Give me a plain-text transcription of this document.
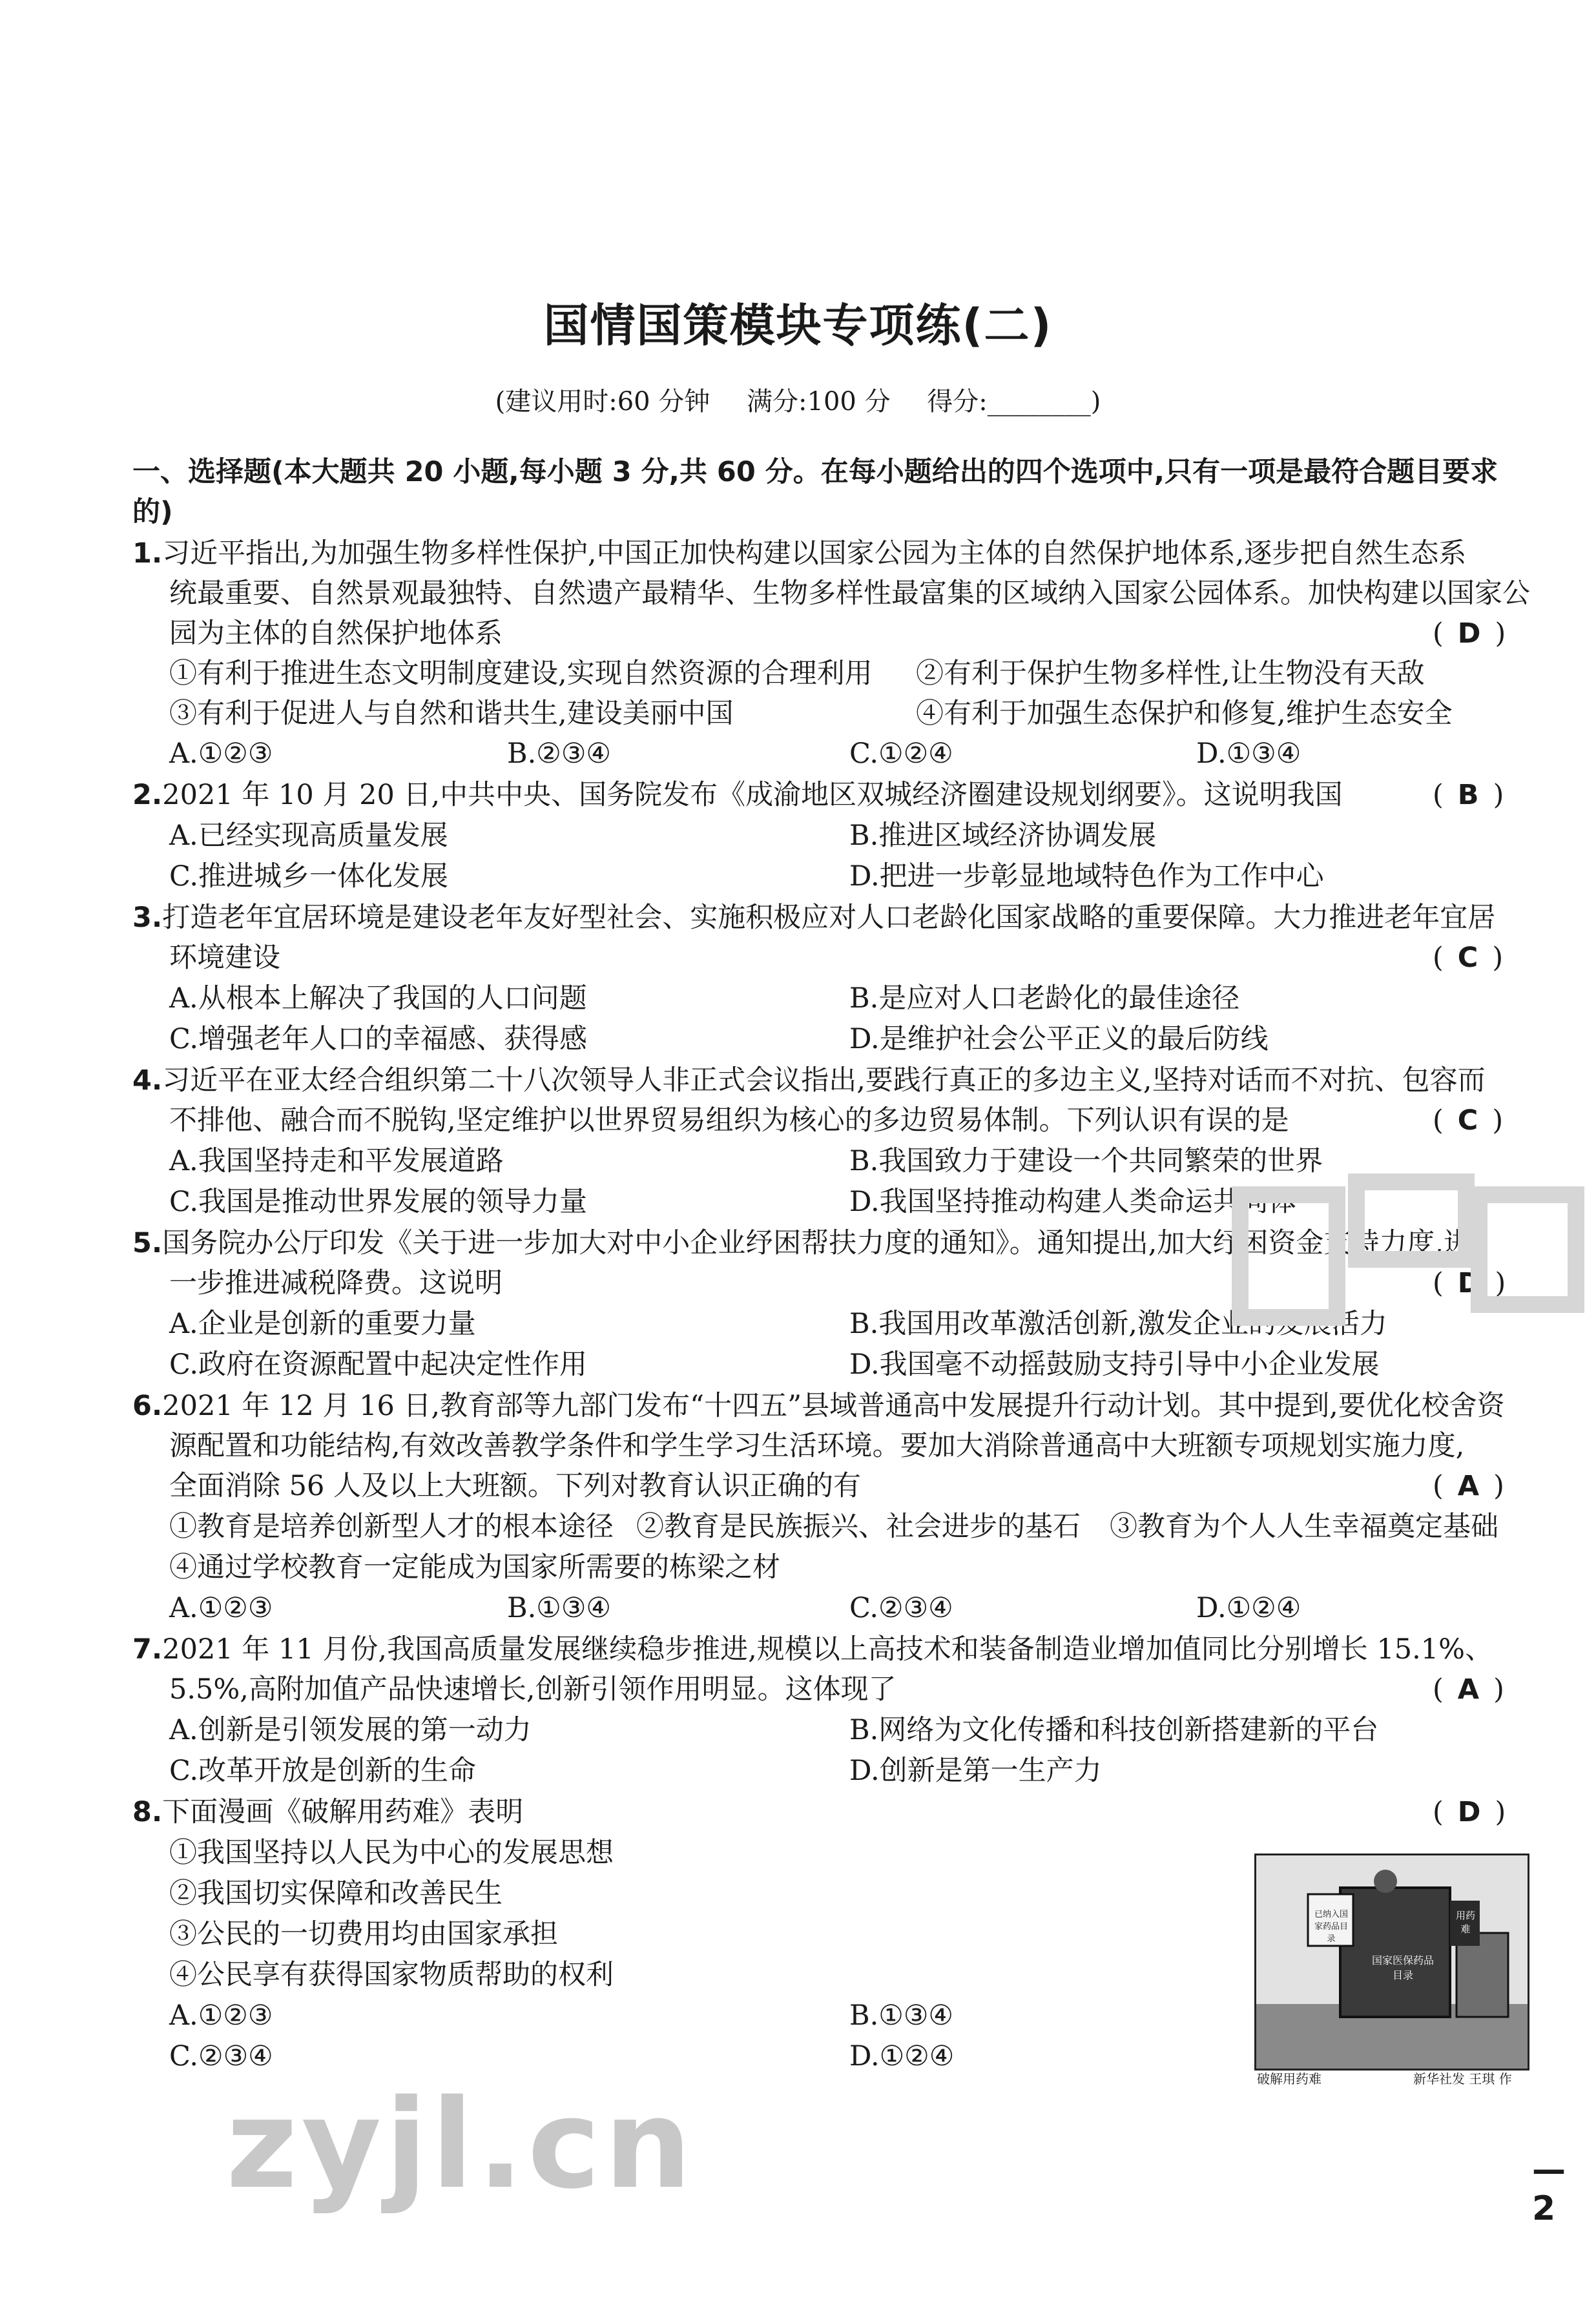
国情国策模块专项练(二)
(建议用时:60 分钟 满分:100 分 得分:________)
一、选择题(本大题共 20 小题,每小题 3 分,共 60 分。在每小题给出的四个选项中,只有一项是最符合题目要求的)
1.习近平指出,为加强生物多样性保护,中国正加快构建以国家公园为主体的自然保护地体系,逐步把自然生态系
统最重要、自然景观最独特、自然遗产最精华、生物多样性最富集的区域纳入国家公园体系。加快构建以国家公
园为主体的自然保护地体系	( D )
①有利于推进生态文明制度建设,实现自然资源的合理利用 ②有利于保护生物多样性,让生物没有天敌
③有利于促进人与自然和谐共生,建设美丽中国	④有利于加强生态保护和修复,维护生态安全
A.①②③	B.②③④	C.①②④	D.①③④
2.2021 年 10 月 20 日,中共中央、国务院发布《成渝地区双城经济圈建设规划纲要》。这说明我国	( B )
A.已经实现高质量发展	B.推进区域经济协调发展
C.推进城乡一体化发展	D.把进一步彰显地域特色作为工作中心
3.打造老年宜居环境是建设老年友好型社会、实施积极应对人口老龄化国家战略的重要保障。大力推进老年宜居
环境建设	( C )
A.从根本上解决了我国的人口问题	B.是应对人口老龄化的最佳途径
C.增强老年人口的幸福感、获得感	D.是维护社会公平正义的最后防线
4.习近平在亚太经合组织第二十八次领导人非正式会议指出,要践行真正的多边主义,坚持对话而不对抗、包容而
不排他、融合而不脱钩,坚定维护以世界贸易组织为核心的多边贸易体制。下列认识有误的是	( C )
A.我国坚持走和平发展道路	B.我国致力于建设一个共同繁荣的世界
C.我国是推动世界发展的领导力量	D.我国坚持推动构建人类命运共同体
5.国务院办公厅印发《关于进一步加大对中小企业纾困帮扶力度的通知》。通知提出,加大纾困资金支持力度,进
一步推进减税降费。这说明	( D )
A.企业是创新的重要力量	B.我国用改革激活创新,激发企业的发展活力
C.政府在资源配置中起决定性作用	D.我国毫不动摇鼓励支持引导中小企业发展
6.2021 年 12 月 16 日,教育部等九部门发布“十四五”县域普通高中发展提升行动计划。其中提到,要优化校舍资
源配置和功能结构,有效改善教学条件和学生学习生活环境。要加大消除普通高中大班额专项规划实施力度,
全面消除 56 人及以上大班额。下列对教育认识正确的有	( A )
①教育是培养创新型人才的根本途径 ②教育是民族振兴、社会进步的基石 ③教育为个人人生幸福奠定基础
④通过学校教育一定能成为国家所需要的栋梁之材
A.①②③	B.①③④	C.②③④	D.①②④
7.2021 年 11 月份,我国高质量发展继续稳步推进,规模以上高技术和装备制造业增加值同比分别增长 15.1%、
5.5%,高附加值产品快速增长,创新引领作用明显。这体现了	( A )
A.创新是引领发展的第一动力	B.网络为文化传播和科技创新搭建新的平台
C.改革开放是创新的生命	D.创新是第一生产力
8.下面漫画《破解用药难》表明	( D )
①我国坚持以人民为中心的发展思想
②我国切实保障和改善民生
③公民的一切费用均由国家承担
④公民享有获得国家物质帮助的权利
A.①②③	B.①③④
C.②③④	D.①②④
国家医保药品目录
已纳入国家药品目录
用药难
破解用药难	新华社发 王琪 作
zyjl.cn	— 2
